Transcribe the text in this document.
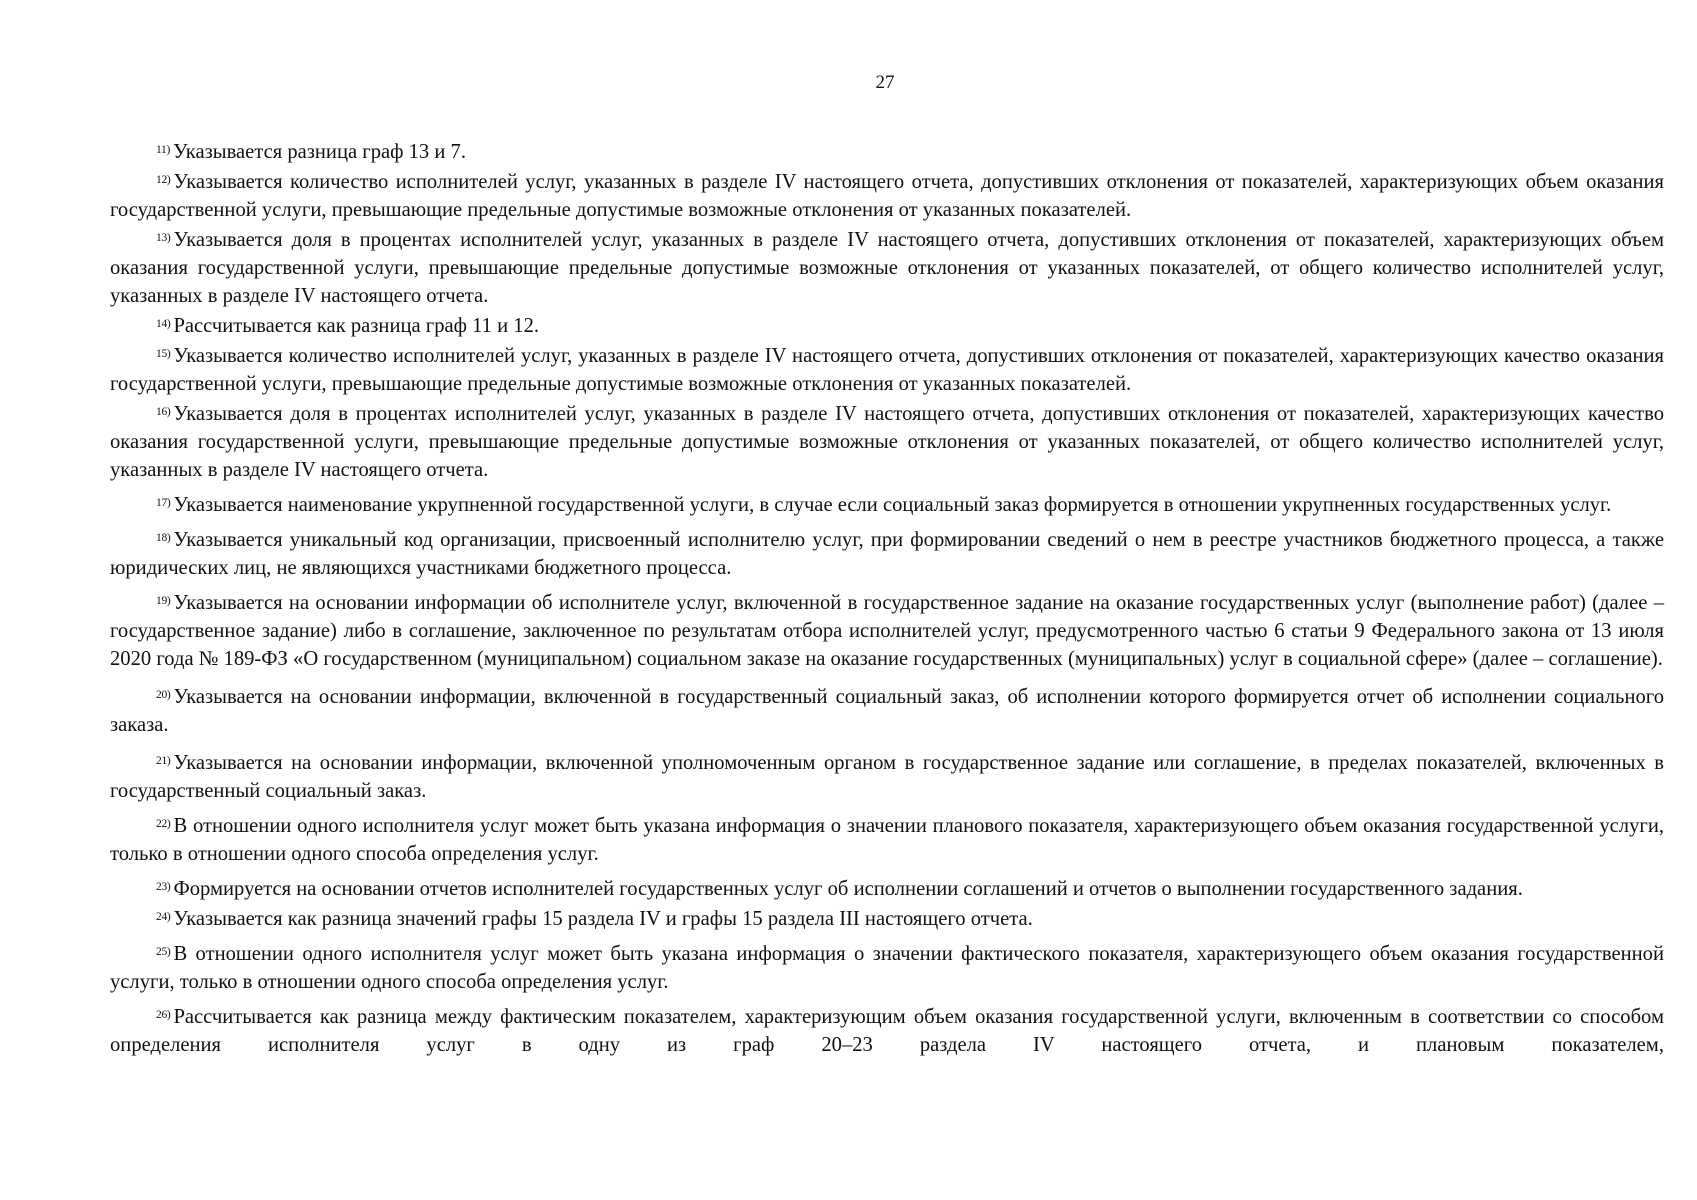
27

$^{11)}$ Указывается разница граф 13 и 7.

$^{12)}$ Указывается количество исполнителей услуг, указанных в разделе IV настоящего отчета, допустивших отклонения от показателей, характеризующих объем оказания государственной услуги, превышающие предельные допустимые возможные отклонения от указанных показателей.

$^{13)}$ Указывается доля в процентах исполнителей услуг, указанных в разделе IV настоящего отчета, допустивших отклонения от показателей, характеризующих объем оказания государственной услуги, превышающие предельные допустимые возможные отклонения от указанных показателей, от общего количество исполнителей услуг, указанных в разделе IV настоящего отчета.

$^{14)}$ Рассчитывается как разница граф 11 и 12.

$^{15)}$ Указывается количество исполнителей услуг, указанных в разделе IV настоящего отчета, допустивших отклонения от показателей, характеризующих качество оказания государственной услуги, превышающие предельные допустимые возможные отклонения от указанных показателей.

$^{16)}$ Указывается доля в процентах исполнителей услуг, указанных в разделе IV настоящего отчета, допустивших отклонения от показателей, характеризующих качество оказания государственной услуги, превышающие предельные допустимые возможные отклонения от указанных показателей, от общего количество исполнителей услуг, указанных в разделе IV настоящего отчета.

$^{17)}$ Указывается наименование укрупненной государственной услуги, в случае если социальный заказ формируется в отношении укрупненных государственных услуг.

$^{18)}$ Указывается уникальный код организации, присвоенный исполнителю услуг, при формировании сведений о нем в реестре участников бюджетного процесса, а также юридических лиц, не являющихся участниками бюджетного процесса.

$^{19)}$ Указывается на основании информации об исполнителе услуг, включенной в государственное задание на оказание государственных услуг (выполнение работ) (далее – государственное задание) либо в соглашение, заключенное по результатам отбора исполнителей услуг, предусмотренного частью 6 статьи 9 Федерального закона от 13 июля 2020 года № 189-ФЗ «О государственном (муниципальном) социальном заказе на оказание государственных (муниципальных) услуг в социальной сфере» (далее – соглашение).

$^{20)}$ Указывается на основании информации, включенной в государственный социальный заказ, об исполнении которого формируется отчет об исполнении социального заказа.

$^{21)}$ Указывается на основании информации, включенной уполномоченным органом в государственное задание или соглашение, в пределах показателей, включенных в государственный социальный заказ.

$^{22)}$ В отношении одного исполнителя услуг может быть указана информация о значении планового показателя, характеризующего объем оказания государственной услуги, только в отношении одного способа определения услуг.

$^{23)}$ Формируется на основании отчетов исполнителей государственных услуг об исполнении соглашений и отчетов о выполнении государственного задания.

$^{24)}$ Указывается как разница значений графы 15 раздела IV и графы 15 раздела III настоящего отчета.

$^{25)}$ В отношении одного исполнителя услуг может быть указана информация о значении фактического показателя, характеризующего объем оказания государственной услуги, только в отношении одного способа определения услуг.

$^{26)}$ Рассчитывается как разница между фактическим показателем, характеризующим объем оказания государственной услуги, включенным в соответствии со способом определения исполнителя услуг в одну из граф 20–23 раздела IV настоящего отчета, и плановым показателем,
